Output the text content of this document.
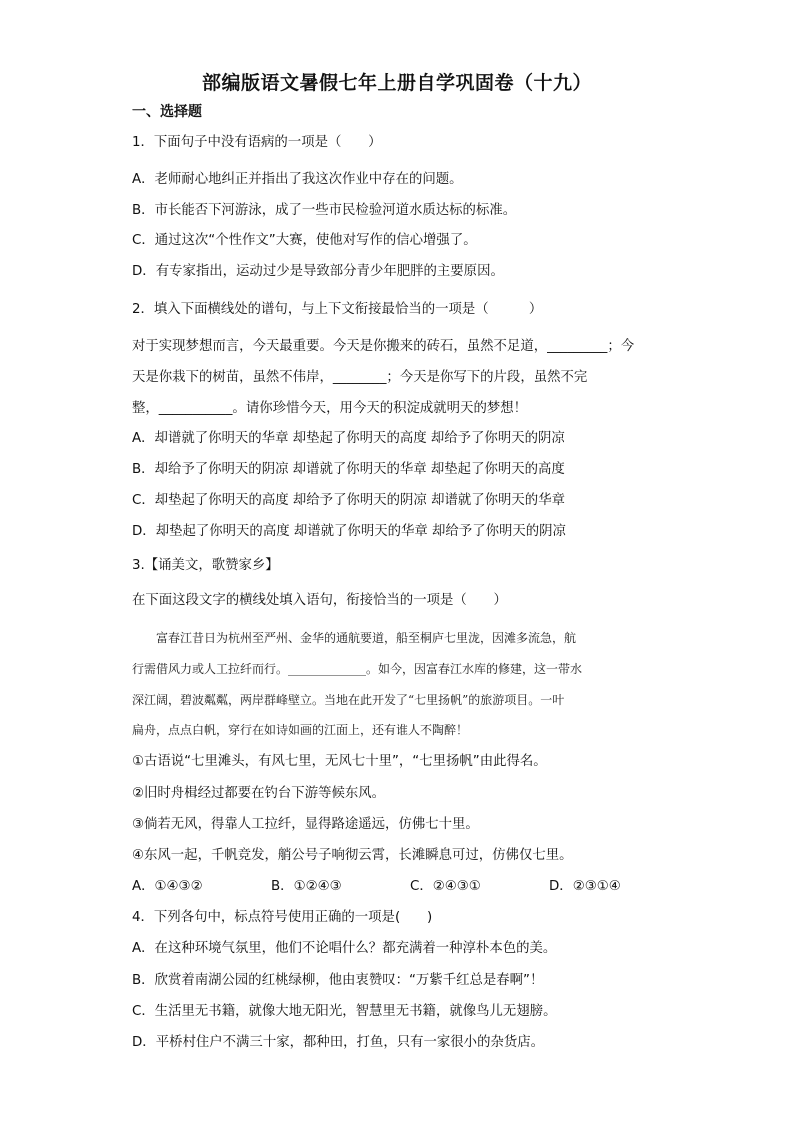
部编版语文暑假七年上册自学巩固卷（十九）
一、选择题
1．下面句子中没有语病的一项是（　　）
A．老师耐心地纠正并指出了我这次作业中存在的问题。
B．市长能否下河游泳，成了一些市民检验河道水质达标的标准。
C．通过这次“个性作文”大赛，使他对写作的信心增强了。
D．有专家指出，运动过少是导致部分青少年肥胖的主要原因。
2．填入下面横线处的谱句，与上下文衔接最恰当的一项是（　　　）
对于实现梦想而言，今天最重要。今天是你搬来的砖石，虽然不足道，_________；今
天是你栽下的树苗，虽然不伟岸，________；今天是你写下的片段，虽然不完
整，___________。请你珍惜今天，用今天的积淀成就明天的梦想！
A．却谱就了你明天的华章 却垫起了你明天的高度 却给予了你明天的阴凉
B．却给予了你明天的阴凉 却谱就了你明天的华章 却垫起了你明天的高度
C．却垫起了你明天的高度 却给予了你明天的阴凉 却谱就了你明天的华章
D．却垫起了你明天的高度 却谱就了你明天的华章 却给予了你明天的阴凉
3.【诵美文，歌赞家乡】
在下面这段文字的横线处填入语句，衔接恰当的一项是（　　）
　　富春江昔日为杭州至严州、金华的通航要道，船至桐庐七里泷，因滩多流急，航
行需借风力或人工拉纤而行。_____________。如今，因富春江水库的修建，这一带水
深江阔，碧波粼粼，两岸群峰壁立。当地在此开发了“七里扬帆”的旅游项目。一叶
扁舟，点点白帆，穿行在如诗如画的江面上，还有谁人不陶醉！
①古语说“七里滩头，有风七里，无风七十里”，“七里扬帆”由此得名。
②旧时舟楫经过都要在钓台下游等候东风。
③倘若无风，得靠人工拉纤，显得路途遥远，仿佛七十里。
④东风一起，千帆竞发，艄公号子响彻云霄，长滩瞬息可过，仿佛仅七里。
A．①④③②	B．①②④③	C．②④③①	D．②③①④
4．下列各句中，标点符号使用正确的一项是(　　)
A．在这种环境气氛里，他们不论唱什么？都充满着一种淳朴本色的美。
B．欣赏着南湖公园的红桃绿柳，他由衷赞叹：“万紫千红总是春啊”！
C．生活里无书籍，就像大地无阳光，智慧里无书籍，就像鸟儿无翅膀。
D．平桥村住户不满三十家，都种田，打鱼，只有一家很小的杂货店。
